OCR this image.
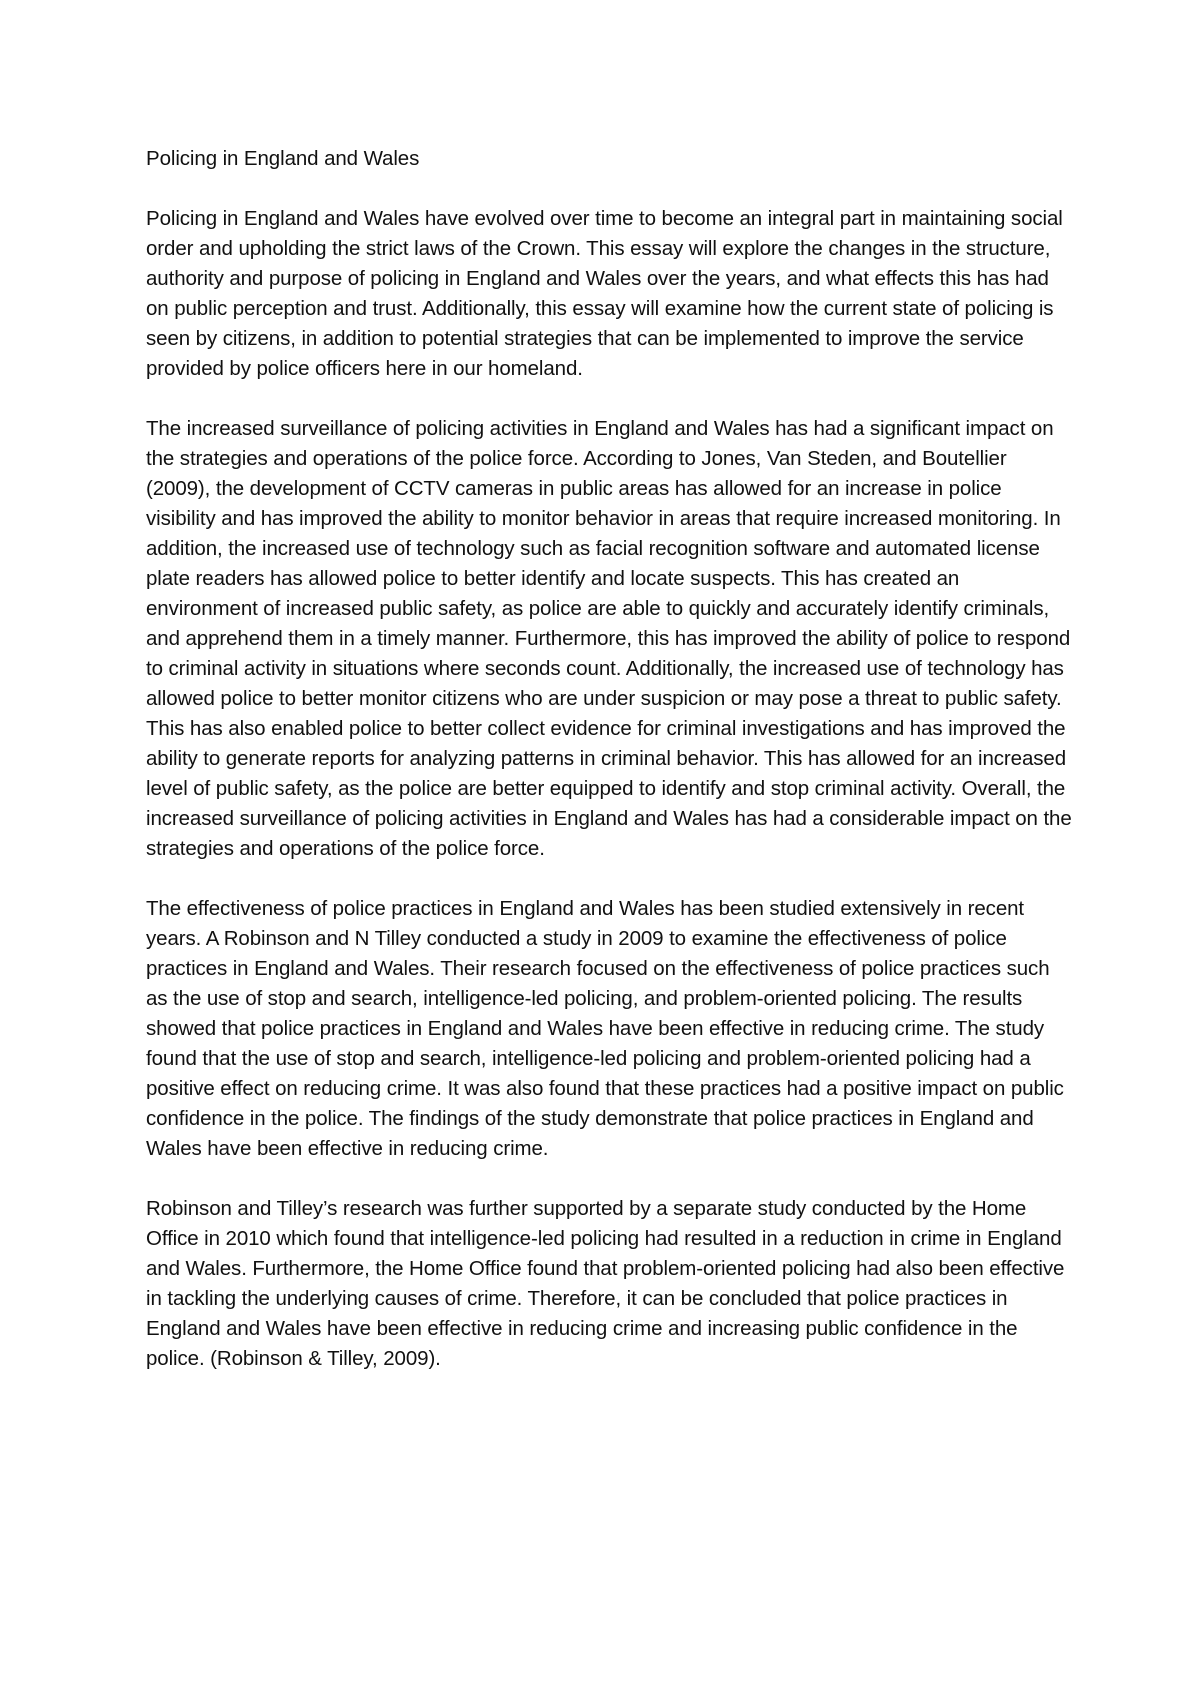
Policing in England and Wales

Policing in England and Wales have evolved over time to become an integral part in maintaining social order and upholding the strict laws of the Crown. This essay will explore the changes in the structure, authority and purpose of policing in England and Wales over the years, and what effects this has had on public perception and trust. Additionally, this essay will examine how the current state of policing is seen by citizens, in addition to potential strategies that can be implemented to improve the service provided by police officers here in our homeland.

The increased surveillance of policing activities in England and Wales has had a significant impact on the strategies and operations of the police force. According to Jones, Van Steden, and Boutellier (2009), the development of CCTV cameras in public areas has allowed for an increase in police visibility and has improved the ability to monitor behavior in areas that require increased monitoring. In addition, the increased use of technology such as facial recognition software and automated license plate readers has allowed police to better identify and locate suspects. This has created an environment of increased public safety, as police are able to quickly and accurately identify criminals, and apprehend them in a timely manner. Furthermore, this has improved the ability of police to respond to criminal activity in situations where seconds count. Additionally, the increased use of technology has allowed police to better monitor citizens who are under suspicion or may pose a threat to public safety. This has also enabled police to better collect evidence for criminal investigations and has improved the ability to generate reports for analyzing patterns in criminal behavior. This has allowed for an increased level of public safety, as the police are better equipped to identify and stop criminal activity. Overall, the increased surveillance of policing activities in England and Wales has had a considerable impact on the strategies and operations of the police force.

The effectiveness of police practices in England and Wales has been studied extensively in recent years. A Robinson and N Tilley conducted a study in 2009 to examine the effectiveness of police practices in England and Wales. Their research focused on the effectiveness of police practices such as the use of stop and search, intelligence-led policing, and problem-oriented policing. The results showed that police practices in England and Wales have been effective in reducing crime. The study found that the use of stop and search, intelligence-led policing and problem-oriented policing had a positive effect on reducing crime. It was also found that these practices had a positive impact on public confidence in the police. The findings of the study demonstrate that police practices in England and Wales have been effective in reducing crime.

Robinson and Tilley’s research was further supported by a separate study conducted by the Home Office in 2010 which found that intelligence-led policing had resulted in a reduction in crime in England and Wales. Furthermore, the Home Office found that problem-oriented policing had also been effective in tackling the underlying causes of crime. Therefore, it can be concluded that police practices in England and Wales have been effective in reducing crime and increasing public confidence in the police. (Robinson & Tilley, 2009).
